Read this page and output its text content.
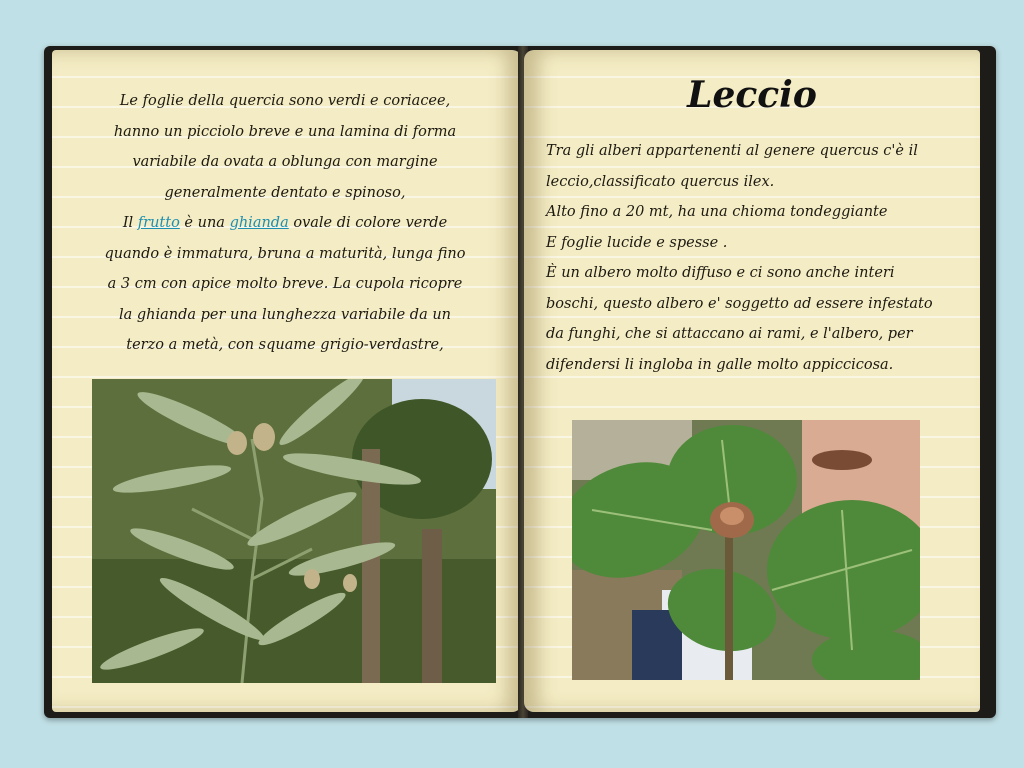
Le foglie della quercia sono verdi e coriacee, hanno un picciolo breve e una lamina di forma variabile da ovata a oblunga con margine generalmente dentato e spinoso,
Il frutto è una ghianda ovale di colore verde quando è immatura, bruna a maturità, lunga fino a 3 cm con apice molto breve. La cupola ricopre la ghianda per una lunghezza variabile da un terzo a metà, con squame grigio-verdastre,
Leccio
Tra gli alberi appartenenti al genere quercus c'è il leccio,classificato quercus ilex.
Alto fino a 20 mt, ha una chioma tondeggiante
E foglie lucide e spesse .
È un albero molto diffuso e ci sono anche interi boschi, questo albero e' soggetto ad essere infestato da funghi, che si attaccano ai rami, e l'albero, per difendersi li ingloba in galle molto appiccicosa.
